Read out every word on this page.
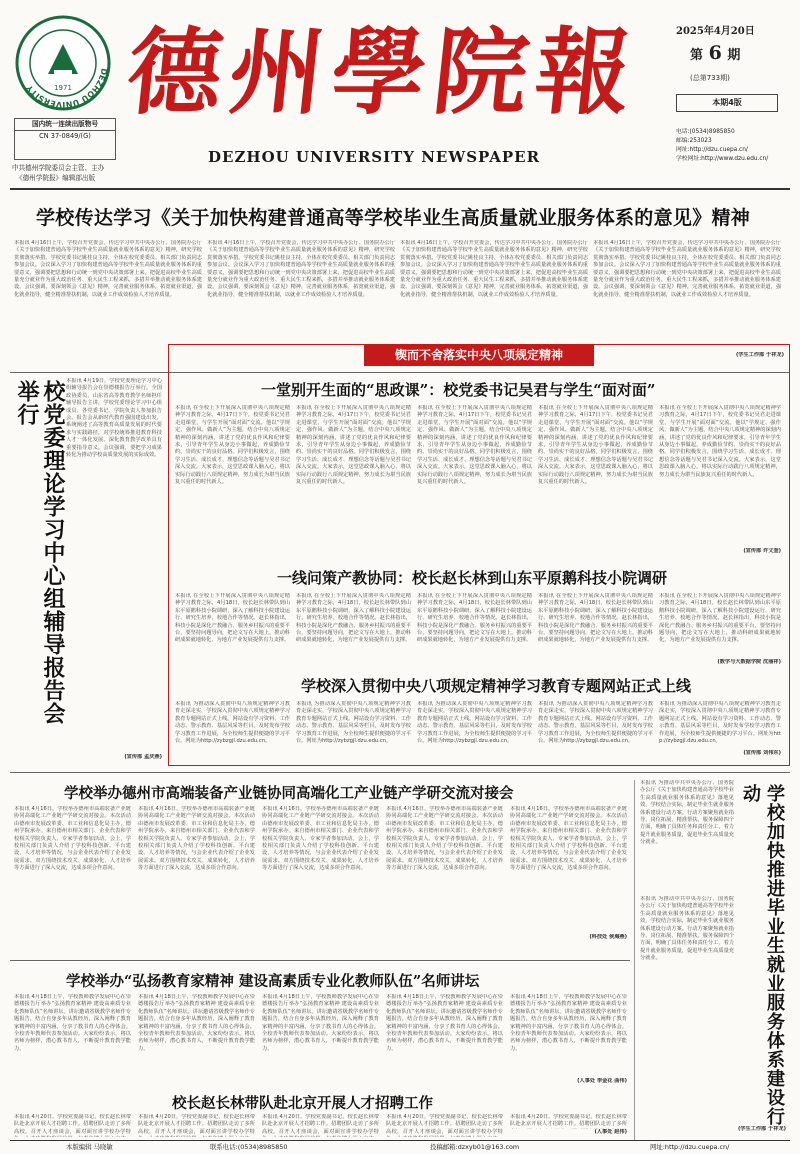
DEZHOU UNIVERSITY	1971
国内统一连续出版物号
CN 37-0849/(G)
中共德州学院委员会主管、主办
《德州学院报》编辑部出版
德州學院報
DEZHOU UNIVERSITY NEWSPAPER
2025年4月20日
第 6 期
(总第733期)
本期4版
电话:(0534)8985850
邮编:253023
网址:http://dzu.cuepa.cn/
学校网址:http://www.dzu.edu.cn/
学校传达学习《关于加快构建普通高等学校毕业生高质量就业服务体系的意见》精神
本报讯 4月16日上午，学校召开党委会，传达学习中共中央办公厅、国务院办公厅《关于加快构建普通高等学校毕业生高质量就业服务体系的意见》精神，研究学校贯彻落实举措。学校党委书记姚桂良主持，全体在校党委委员、相关部门负责同志参加会议。会议深入学习了加快构建普通高等学校毕业生高质量就业服务体系的重要意义，强调要把思想和行动统一到党中央决策部署上来，把促进高校毕业生高质量充分就业作为重大政治任务、重大民生工程来抓，多措并举推动就业服务体系建设。会议强调，要深刻领会《意见》精神，完善就业服务体系，拓宽就业渠道，强化就业指导，健全精准帮扶机制，以就业工作成效检验人才培养质量。
本报讯 4月16日上午，学校召开党委会，传达学习中共中央办公厅、国务院办公厅《关于加快构建普通高等学校毕业生高质量就业服务体系的意见》精神，研究学校贯彻落实举措。学校党委书记姚桂良主持，全体在校党委委员、相关部门负责同志参加会议。会议深入学习了加快构建普通高等学校毕业生高质量就业服务体系的重要意义，强调要把思想和行动统一到党中央决策部署上来，把促进高校毕业生高质量充分就业作为重大政治任务、重大民生工程来抓，多措并举推动就业服务体系建设。会议强调，要深刻领会《意见》精神，完善就业服务体系，拓宽就业渠道，强化就业指导，健全精准帮扶机制，以就业工作成效检验人才培养质量。
本报讯 4月16日上午，学校召开党委会，传达学习中共中央办公厅、国务院办公厅《关于加快构建普通高等学校毕业生高质量就业服务体系的意见》精神，研究学校贯彻落实举措。学校党委书记姚桂良主持，全体在校党委委员、相关部门负责同志参加会议。会议深入学习了加快构建普通高等学校毕业生高质量就业服务体系的重要意义，强调要把思想和行动统一到党中央决策部署上来，把促进高校毕业生高质量充分就业作为重大政治任务、重大民生工程来抓，多措并举推动就业服务体系建设。会议强调，要深刻领会《意见》精神，完善就业服务体系，拓宽就业渠道，强化就业指导，健全精准帮扶机制，以就业工作成效检验人才培养质量。
本报讯 4月16日上午，学校召开党委会，传达学习中共中央办公厅、国务院办公厅《关于加快构建普通高等学校毕业生高质量就业服务体系的意见》精神，研究学校贯彻落实举措。学校党委书记姚桂良主持，全体在校党委委员、相关部门负责同志参加会议。会议深入学习了加快构建普通高等学校毕业生高质量就业服务体系的重要意义，强调要把思想和行动统一到党中央决策部署上来，把促进高校毕业生高质量充分就业作为重大政治任务、重大民生工程来抓，多措并举推动就业服务体系建设。会议强调，要深刻领会《意见》精神，完善就业服务体系，拓宽就业渠道，强化就业指导，健全精准帮扶机制，以就业工作成效检验人才培养质量。
(学生工作部 于祥龙)
校党委理论学习中心组辅导报告会举行	本报讯 4月19日，学校党委理论学习中心组辅导报告会在崇德楼报告厅举行。全国政协委员、山东省高等教育教学名师担任辅导报告主讲，学校党委理论学习中心组成员、各党委书记、学院负责人参加报告会。报告会从新时代教育强国建设出发，系统阐述了高等教育高质量发展的时代要求与实践路径，对学校统筹推进教育科技人才一体化发展、深化教育教学改革具有重要指导意义。会议强调，要把学习成果转化为推动学校高质量发展的实际成效。
(宣传部 孟庆燕)
锲而不舍落实中央八项规定精神
一堂别开生面的“思政课”：校党委书记吴君与学生“面对面”
本报讯 在全校上下开展深入贯彻中央八项规定精神学习教育之际，4月17日下午，校党委书记吴君走进课堂，与学生开展“面对面”交流。他以“学规定、强作风、做新人”为主题，结合中央八项规定精神的深刻内涵，讲述了党的优良作风和纪律要求，引导青年学生从身边小事做起，养成勤俭节约、崇尚实干的良好品格。同学们积极发言，围绕学习生活、成长成才、理想信念等话题与吴君书记深入交流。大家表示，这堂思政课入脑入心，将以实际行动践行八项规定精神，努力成长为堪当民族复兴重任的时代新人。
本报讯 在全校上下开展深入贯彻中央八项规定精神学习教育之际，4月17日下午，校党委书记吴君走进课堂，与学生开展“面对面”交流。他以“学规定、强作风、做新人”为主题，结合中央八项规定精神的深刻内涵，讲述了党的优良作风和纪律要求，引导青年学生从身边小事做起，养成勤俭节约、崇尚实干的良好品格。同学们积极发言，围绕学习生活、成长成才、理想信念等话题与吴君书记深入交流。大家表示，这堂思政课入脑入心，将以实际行动践行八项规定精神，努力成长为堪当民族复兴重任的时代新人。
本报讯 在全校上下开展深入贯彻中央八项规定精神学习教育之际，4月17日下午，校党委书记吴君走进课堂，与学生开展“面对面”交流。他以“学规定、强作风、做新人”为主题，结合中央八项规定精神的深刻内涵，讲述了党的优良作风和纪律要求，引导青年学生从身边小事做起，养成勤俭节约、崇尚实干的良好品格。同学们积极发言，围绕学习生活、成长成才、理想信念等话题与吴君书记深入交流。大家表示，这堂思政课入脑入心，将以实际行动践行八项规定精神，努力成长为堪当民族复兴重任的时代新人。
本报讯 在全校上下开展深入贯彻中央八项规定精神学习教育之际，4月17日下午，校党委书记吴君走进课堂，与学生开展“面对面”交流。他以“学规定、强作风、做新人”为主题，结合中央八项规定精神的深刻内涵，讲述了党的优良作风和纪律要求，引导青年学生从身边小事做起，养成勤俭节约、崇尚实干的良好品格。同学们积极发言，围绕学习生活、成长成才、理想信念等话题与吴君书记深入交流。大家表示，这堂思政课入脑入心，将以实际行动践行八项规定精神，努力成长为堪当民族复兴重任的时代新人。
本报讯 在全校上下开展深入贯彻中央八项规定精神学习教育之际，4月17日下午，校党委书记吴君走进课堂，与学生开展“面对面”交流。他以“学规定、强作风、做新人”为主题，结合中央八项规定精神的深刻内涵，讲述了党的优良作风和纪律要求，引导青年学生从身边小事做起，养成勤俭节约、崇尚实干的良好品格。同学们积极发言，围绕学习生活、成长成才、理想信念等话题与吴君书记深入交流。大家表示，这堂思政课入脑入心，将以实际行动践行八项规定精神，努力成长为堪当民族复兴重任的时代新人。
(宣传部 许文奎)
一线问策产教协同：校长赵长林到山东平原鹅科技小院调研
本报讯 在全校上下开展深入贯彻中央八项规定精神学习教育之际，4月18日，校长赵长林带队到山东平原鹅科技小院调研，深入了解科技小院建设运行、研究生培养、校地合作等情况。赵长林指出，科技小院是深化产教融合、服务乡村振兴的重要平台，要坚持问题导向，把论文写在大地上，推动科研成果就地转化，为地方产业发展提供有力支撑。
本报讯 在全校上下开展深入贯彻中央八项规定精神学习教育之际，4月18日，校长赵长林带队到山东平原鹅科技小院调研，深入了解科技小院建设运行、研究生培养、校地合作等情况。赵长林指出，科技小院是深化产教融合、服务乡村振兴的重要平台，要坚持问题导向，把论文写在大地上，推动科研成果就地转化，为地方产业发展提供有力支撑。
本报讯 在全校上下开展深入贯彻中央八项规定精神学习教育之际，4月18日，校长赵长林带队到山东平原鹅科技小院调研，深入了解科技小院建设运行、研究生培养、校地合作等情况。赵长林指出，科技小院是深化产教融合、服务乡村振兴的重要平台，要坚持问题导向，把论文写在大地上，推动科研成果就地转化，为地方产业发展提供有力支撑。
本报讯 在全校上下开展深入贯彻中央八项规定精神学习教育之际，4月18日，校长赵长林带队到山东平原鹅科技小院调研，深入了解科技小院建设运行、研究生培养、校地合作等情况。赵长林指出，科技小院是深化产教融合、服务乡村振兴的重要平台，要坚持问题导向，把论文写在大地上，推动科研成果就地转化，为地方产业发展提供有力支撑。
本报讯 在全校上下开展深入贯彻中央八项规定精神学习教育之际，4月18日，校长赵长林带队到山东平原鹅科技小院调研，深入了解科技小院建设运行、研究生培养、校地合作等情况。赵长林指出，科技小院是深化产教融合、服务乡村振兴的重要平台，要坚持问题导向，把论文写在大地上，推动科研成果就地转化，为地方产业发展提供有力支撑。
(数学与大数据学院 沈丽祥)
学校深入贯彻中央八项规定精神学习教育专题网站正式上线
本报讯 为推动深入贯彻中央八项规定精神学习教育走深走实，学校深入贯彻中央八项规定精神学习教育专题网站正式上线。网站设有学习资料、工作动态、警示教育、基层风采等栏目，及时发布学校学习教育工作进展，为全校师生提供便捷的学习平台。网址为http://zybzgjl.dzu.edu.cn。
本报讯 为推动深入贯彻中央八项规定精神学习教育走深走实，学校深入贯彻中央八项规定精神学习教育专题网站正式上线。网站设有学习资料、工作动态、警示教育、基层风采等栏目，及时发布学校学习教育工作进展，为全校师生提供便捷的学习平台。网址为http://zybzgjl.dzu.edu.cn。
本报讯 为推动深入贯彻中央八项规定精神学习教育走深走实，学校深入贯彻中央八项规定精神学习教育专题网站正式上线。网站设有学习资料、工作动态、警示教育、基层风采等栏目，及时发布学校学习教育工作进展，为全校师生提供便捷的学习平台。网址为http://zybzgjl.dzu.edu.cn。
本报讯 为推动深入贯彻中央八项规定精神学习教育走深走实，学校深入贯彻中央八项规定精神学习教育专题网站正式上线。网站设有学习资料、工作动态、警示教育、基层风采等栏目，及时发布学校学习教育工作进展，为全校师生提供便捷的学习平台。网址为http://zybzgjl.dzu.edu.cn。
本报讯 为推动深入贯彻中央八项规定精神学习教育走深走实，学校深入贯彻中央八项规定精神学习教育专题网站正式上线。网站设有学习资料、工作动态、警示教育、基层风采等栏目，及时发布学校学习教育工作进展，为全校师生提供便捷的学习平台。网址为http://zybzgjl.dzu.edu.cn。
(宣传部 刘伟东)
学校举办德州市高端装备产业链协同高端化工产业链产学研交流对接会
本报讯 4月16日，学校举办德州市高端装备产业链协同高端化工产业链产学研交流对接会。本次活动由德州市发展改革委、市工业和信息化局主办，德州学院承办。来自德州市相关部门、企业代表和学校相关学院负责人、专家学者参加活动。会上，学校相关部门负责人介绍了学校科技创新、平台建设、人才培养等情况，与会企业代表介绍了企业发展需求。双方围绕技术攻关、成果转化、人才培养等方面进行了深入交流，达成多项合作意向。
本报讯 4月16日，学校举办德州市高端装备产业链协同高端化工产业链产学研交流对接会。本次活动由德州市发展改革委、市工业和信息化局主办，德州学院承办。来自德州市相关部门、企业代表和学校相关学院负责人、专家学者参加活动。会上，学校相关部门负责人介绍了学校科技创新、平台建设、人才培养等情况，与会企业代表介绍了企业发展需求。双方围绕技术攻关、成果转化、人才培养等方面进行了深入交流，达成多项合作意向。
本报讯 4月16日，学校举办德州市高端装备产业链协同高端化工产业链产学研交流对接会。本次活动由德州市发展改革委、市工业和信息化局主办，德州学院承办。来自德州市相关部门、企业代表和学校相关学院负责人、专家学者参加活动。会上，学校相关部门负责人介绍了学校科技创新、平台建设、人才培养等情况，与会企业代表介绍了企业发展需求。双方围绕技术攻关、成果转化、人才培养等方面进行了深入交流，达成多项合作意向。
本报讯 4月16日，学校举办德州市高端装备产业链协同高端化工产业链产学研交流对接会。本次活动由德州市发展改革委、市工业和信息化局主办，德州学院承办。来自德州市相关部门、企业代表和学校相关学院负责人、专家学者参加活动。会上，学校相关部门负责人介绍了学校科技创新、平台建设、人才培养等情况，与会企业代表介绍了企业发展需求。双方围绕技术攻关、成果转化、人才培养等方面进行了深入交流，达成多项合作意向。
本报讯 4月16日，学校举办德州市高端装备产业链协同高端化工产业链产学研交流对接会。本次活动由德州市发展改革委、市工业和信息化局主办，德州学院承办。来自德州市相关部门、企业代表和学校相关学院负责人、专家学者参加活动。会上，学校相关部门负责人介绍了学校科技创新、平台建设、人才培养等情况，与会企业代表介绍了企业发展需求。双方围绕技术攻关、成果转化、人才培养等方面进行了深入交流，达成多项合作意向。
(科技处 侯海燕)
学校举办“弘扬教育家精神 建设高素质专业化教师队伍”名师讲坛
本报讯 4月18日上午，学校教师教学发展中心在崇德楼报告厅举办“弘扬教育家精神 建设高素质专业化教师队伍”名师讲坛。讲坛邀请省级教学名师作专题报告，结合自身多年从教经历，深入阐释了教育家精神的丰富内涵，分享了教书育人的心得体会。全校青年教师代表参加活动。大家纷纷表示，将以名师为榜样，潜心教书育人，不断提升教育教学能力。
本报讯 4月18日上午，学校教师教学发展中心在崇德楼报告厅举办“弘扬教育家精神 建设高素质专业化教师队伍”名师讲坛。讲坛邀请省级教学名师作专题报告，结合自身多年从教经历，深入阐释了教育家精神的丰富内涵，分享了教书育人的心得体会。全校青年教师代表参加活动。大家纷纷表示，将以名师为榜样，潜心教书育人，不断提升教育教学能力。
本报讯 4月18日上午，学校教师教学发展中心在崇德楼报告厅举办“弘扬教育家精神 建设高素质专业化教师队伍”名师讲坛。讲坛邀请省级教学名师作专题报告，结合自身多年从教经历，深入阐释了教育家精神的丰富内涵，分享了教书育人的心得体会。全校青年教师代表参加活动。大家纷纷表示，将以名师为榜样，潜心教书育人，不断提升教育教学能力。
本报讯 4月18日上午，学校教师教学发展中心在崇德楼报告厅举办“弘扬教育家精神 建设高素质专业化教师队伍”名师讲坛。讲坛邀请省级教学名师作专题报告，结合自身多年从教经历，深入阐释了教育家精神的丰富内涵，分享了教书育人的心得体会。全校青年教师代表参加活动。大家纷纷表示，将以名师为榜样，潜心教书育人，不断提升教育教学能力。
本报讯 4月18日上午，学校教师教学发展中心在崇德楼报告厅举办“弘扬教育家精神 建设高素质专业化教师队伍”名师讲坛。讲坛邀请省级教学名师作专题报告，结合自身多年从教经历，深入阐释了教育家精神的丰富内涵，分享了教书育人的心得体会。全校青年教师代表参加活动。大家纷纷表示，将以名师为榜样，潜心教书育人，不断提升教育教学能力。
(人事处 李金花 曲伟)
校长赵长林带队赴北京开展人才招聘工作
本报讯 4月20日，学校党委副书记、校长赵长林带队赴北京开展人才招聘工作。招聘团队走访了多所高校，召开人才座谈会，面对面宣讲学校办学特
本报讯 4月20日，学校党委副书记、校长赵长林带队赴北京开展人才招聘工作。招聘团队走访了多所高校，召开人才座谈会，面对面宣讲学校办学特
本报讯 4月20日，学校党委副书记、校长赵长林带队赴北京开展人才招聘工作。招聘团队走访了多所高校，召开人才座谈会，面对面宣讲学校办学特
本报讯 4月20日，学校党委副书记、校长赵长林带队赴北京开展人才招聘工作。招聘团队走访了多所高校，召开人才座谈会，面对面宣讲学校办学特
本报讯 4月20日，学校党委副书记、校长赵长林带队赴北京开展人才招聘工作。招聘团队走访了多所
(人事处 赵伟)
本报讯 为推动中共中央办公厅、国务院办公厅《关于加快构建普通高等学校毕业生高质量就业服务体系的意见》落地见效，学校结合实际，制定毕业生就业服务体系建设行动方案。行动方案聚焦就业指导、岗位拓展、精准帮扶、服务保障四个方面，明确了具体任务和责任分工，着力提升就业服务质量，促进毕业生高质量充分就业。	学校加快推进毕业生就业服务体系建设行动
本报讯 为推动中共中央办公厅、国务院办公厅《关于加快构建普通高等学校毕业生高质量就业服务体系的意见》落地见效，学校结合实际，制定毕业生就业服务体系建设行动方案。行动方案聚焦就业指导、岗位拓展、精准帮扶、服务保障四个方面，明确了具体任务和责任分工，着力提升就业服务质量，促进毕业生高质量充分就业。
(学生工作部 于祥龙)
本版编辑 马晓敏	联系电话:(0534)8985850	投稿邮箱:dzxyb01@163.com	网址:http://dzu.cuepa.cn/
